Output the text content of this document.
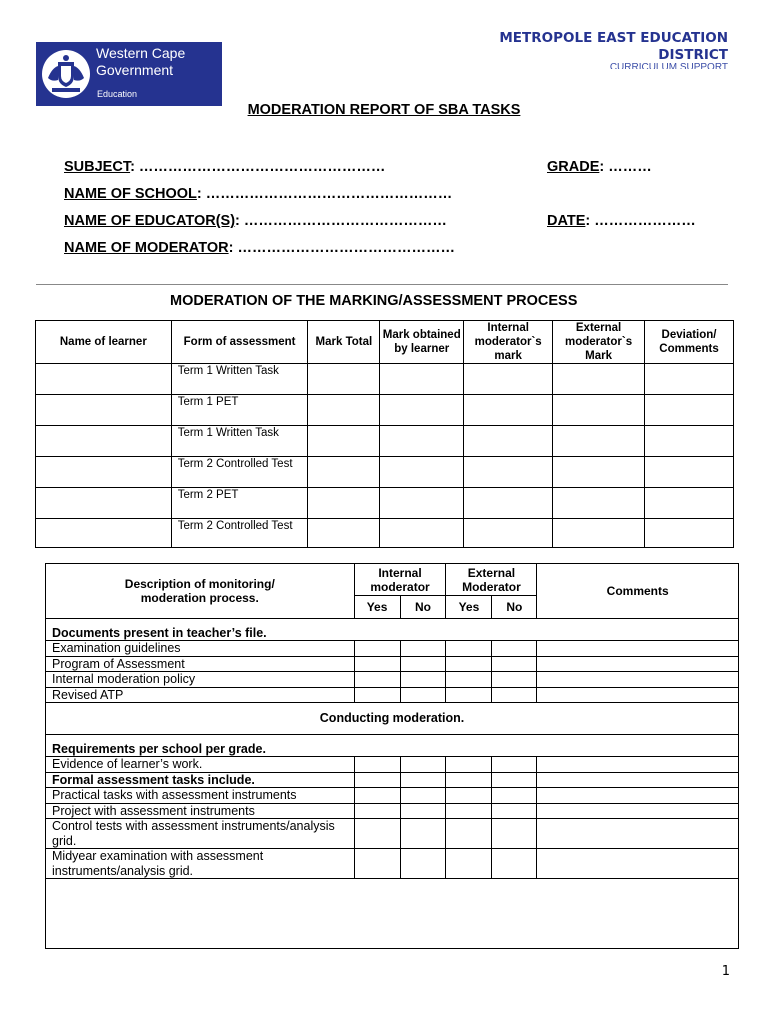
Western Cape Government
Education
METROPOLE EAST EDUCATION DISTRICT
CURRICULUM SUPPORT
MODERATION REPORT OF SBA TASKS
SUBJECT: ……………………………………………	GRADE: ………
NAME OF SCHOOL: ……………………………………………
NAME OF EDUCATOR(S): ……………………………………	DATE: …………………
NAME OF MODERATOR: ………………………………………
MODERATION OF THE MARKING/ASSESSMENT PROCESS
Name of learner	Form of assessment	Mark Total	Mark obtained by learner	Internal moderator`s mark	External moderator`s Mark	Deviation/ Comments
	Term 1 Written Task					
	Term 1 PET					
	Term 1 Written Task					
	Term 2 Controlled Test					
	Term 2 PET					
	Term 2 Controlled Test					
Description of monitoring/ moderation process.	Internal moderator		External Moderator		Comments
	Yes	No	Yes	No	
Documents present in teacher’s file.					
Examination guidelines					
Program of Assessment					
Internal moderation policy					
Revised ATP					
Conducting moderation.					
Requirements per school per grade.					
Evidence of learner’s work.					
Formal assessment tasks include.					
Practical tasks with assessment instruments					
Project with assessment instruments					
Control tests with assessment instruments/analysis grid.					
Midyear examination with assessment instruments/analysis grid.					

1
